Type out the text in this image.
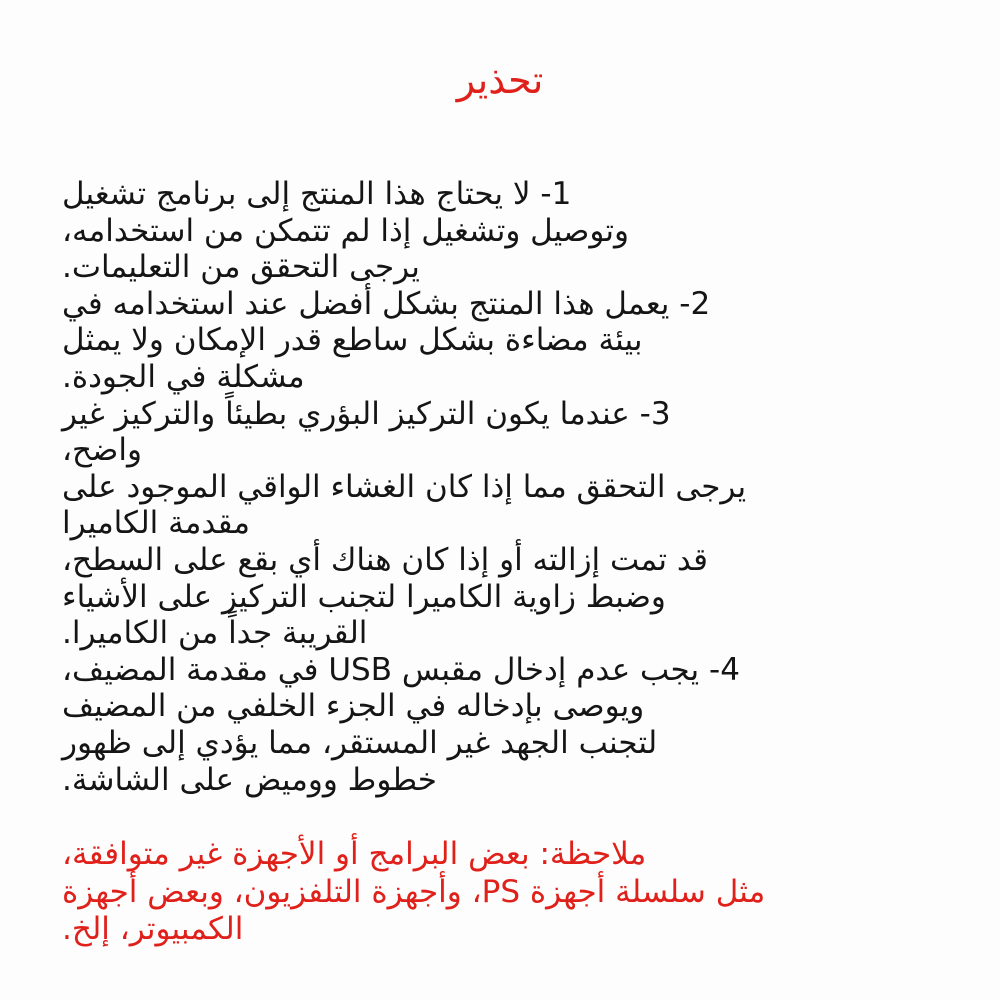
تحذير
1- لا يحتاج هذا المنتج إلى برنامج تشغيل
وتوصيل وتشغيل إذا لم تتمكن من استخدامه،
يرجى التحقق من التعليمات.
2- يعمل هذا المنتج بشكل أفضل عند استخدامه في
بيئة مضاءة بشكل ساطع قدر الإمكان ولا يمثل
مشكلة في الجودة.
3- عندما يكون التركيز البؤري بطيئاً والتركيز غير
واضح،
يرجى التحقق مما إذا كان الغشاء الواقي الموجود على
مقدمة الكاميرا
قد تمت إزالته أو إذا كان هناك أي بقع على السطح،
وضبط زاوية الكاميرا لتجنب التركيز على الأشياء
القريبة جداً من الكاميرا.
4- يجب عدم إدخال مقبس USB في مقدمة المضيف،
ويوصى بإدخاله في الجزء الخلفي من المضيف
لتجنب الجهد غير المستقر، مما يؤدي إلى ظهور
خطوط ووميض على الشاشة.
ملاحظة: بعض البرامج أو الأجهزة غير متوافقة،
مثل سلسلة أجهزة PS، وأجهزة التلفزيون، وبعض أجهزة
الكمبيوتر، إلخ.
